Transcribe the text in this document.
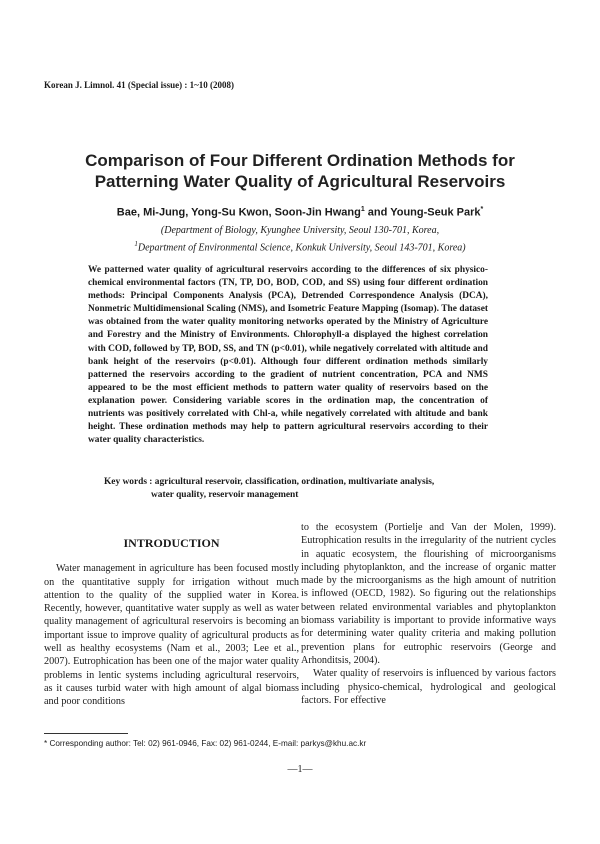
Korean J. Limnol. 41 (Special issue) : 1~10 (2008)
Comparison of Four Different Ordination Methods for
Patterning Water Quality of Agricultural Reservoirs
Bae, Mi-Jung, Yong-Su Kwon, Soon-Jin Hwang$^1$ and Young-Seuk Park*
(Department of Biology, Kyunghee University, Seoul 130-701, Korea,
$^1$Department of Environmental Science, Konkuk University, Seoul 143-701, Korea)
We patterned water quality of agricultural reservoirs according to the differences of six physico-chemical environmental factors (TN, TP, DO, BOD, COD, and SS) using four different ordination methods: Principal Components Analysis (PCA), Detrended Correspondence Analysis (DCA), Nonmetric Multidimensional Scaling (NMS), and Isometric Feature Mapping (Isomap). The dataset was obtained from the water quality monitoring networks operated by the Ministry of Agriculture and Forestry and the Ministry of Environments. Chlorophyll-a displayed the highest correlation with COD, followed by TP, BOD, SS, and TN (p<0.01), while negatively correlated with altitude and bank height of the reservoirs (p<0.01). Although four different ordination methods similarly patterned the reservoirs according to the gradient of nutrient concentration, PCA and NMS appeared to be the most efficient methods to pattern water quality of reservoirs based on the explanation power. Considering variable scores in the ordination map, the concentration of nutrients was positively correlated with Chl-a, while negatively correlated with altitude and bank height. These ordination methods may help to pattern agricultural reservoirs according to their water quality characteristics.
Key words : agricultural reservoir, classification, ordination, multivariate analysis,
water quality, reservoir management
INTRODUCTION

Water management in agriculture has been focused mostly on the quantitative supply for irrigation without much attention to the quality of the supplied water in Korea. Recently, however, quantitative water supply as well as water quality management of agricultural reservoirs is becoming an important issue to improve quality of agricultural products as well as healthy ecosystems (Nam et al., 2003; Lee et al., 2007). Eutrophication has been one of the major water quality problems in lentic systems including agricultural reservoirs, as it causes turbid water with high amount of algal biomass and poor conditions

to the ecosystem (Portielje and Van der Molen, 1999). Eutrophication results in the irregularity of the nutrient cycles in aquatic ecosystem, the flourishing of microorganisms including phytoplankton, and the increase of organic matter made by the microorganisms as the high amount of nutrition is inflowed (OECD, 1982). So figuring out the relationships between related environmental variables and phytoplankton biomass variability is important to provide informative ways for determining water quality criteria and making pollution prevention plans for eutrophic reservoirs (George and Arhonditsis, 2004).

Water quality of reservoirs is influenced by various factors including physico-chemical, hydrological and geological factors. For effective

* Corresponding author: Tel: 02) 961-0946, Fax: 02) 961-0244, E-mail: parkys@khu.ac.kr
—1—
